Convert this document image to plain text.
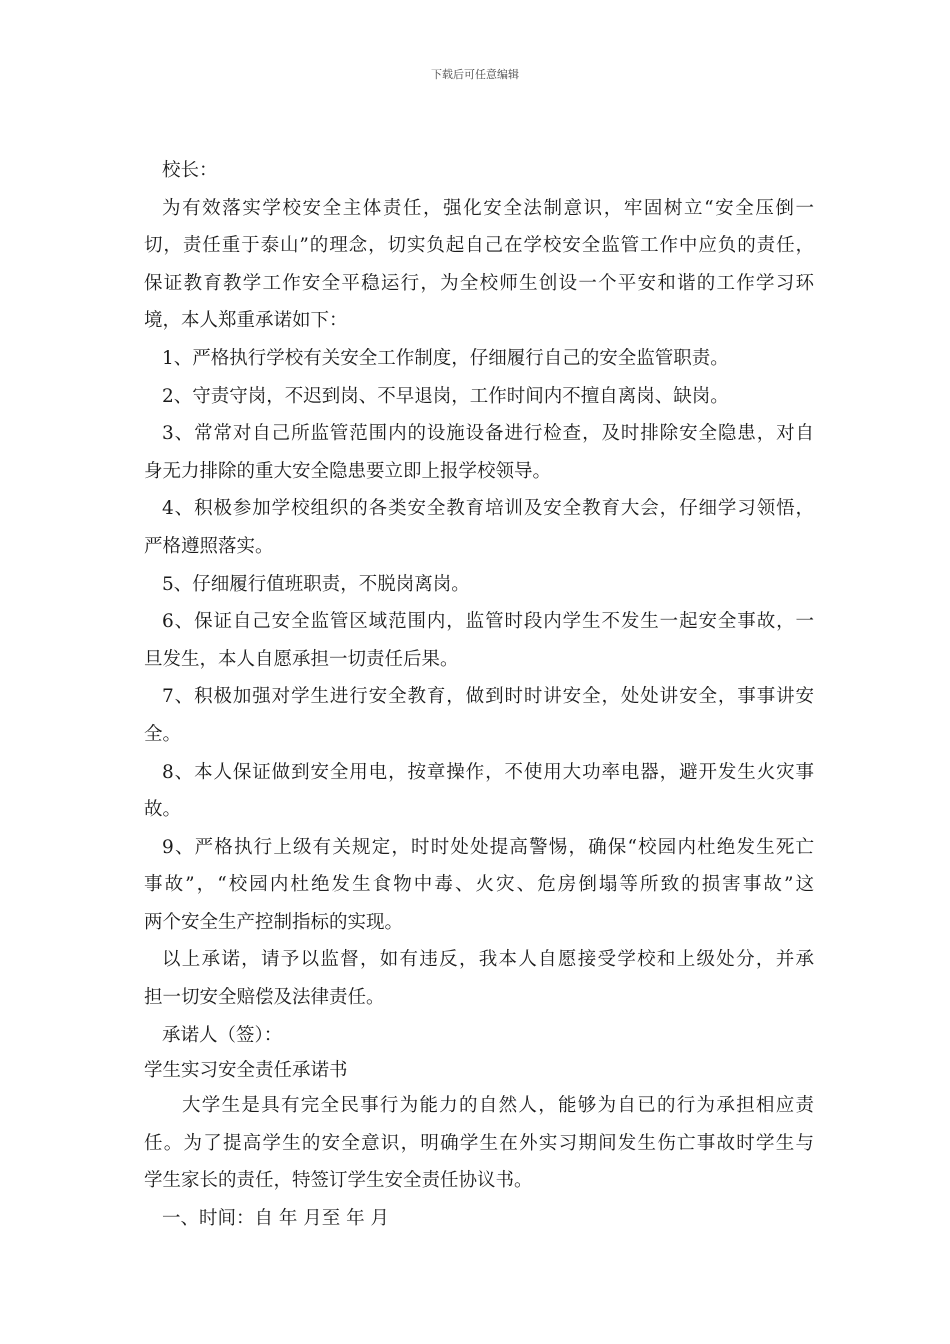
下载后可任意编辑
校长：
为有效落实学校安全主体责任，强化安全法制意识，牢固树立“安全压倒一
切，责任重于泰山”的理念，切实负起自己在学校安全监管工作中应负的责任，
保证教育教学工作安全平稳运行，为全校师生创设一个平安和谐的工作学习环
境，本人郑重承诺如下：
1、严格执行学校有关安全工作制度，仔细履行自己的安全监管职责。
2、守责守岗，不迟到岗、不早退岗，工作时间内不擅自离岗、缺岗。
3、常常对自己所监管范围内的设施设备进行检查，及时排除安全隐患，对自
身无力排除的重大安全隐患要立即上报学校领导。
4、积极参加学校组织的各类安全教育培训及安全教育大会，仔细学习领悟，
严格遵照落实。
5、仔细履行值班职责，不脱岗离岗。
6、保证自己安全监管区域范围内，监管时段内学生不发生一起安全事故，一
旦发生，本人自愿承担一切责任后果。
7、积极加强对学生进行安全教育，做到时时讲安全，处处讲安全，事事讲安
全。
8、本人保证做到安全用电，按章操作，不使用大功率电器，避开发生火灾事
故。
9、严格执行上级有关规定，时时处处提高警惕，确保“校园内杜绝发生死亡
事故”，“校园内杜绝发生食物中毒、火灾、危房倒塌等所致的损害事故”这
两个安全生产控制指标的实现。
以上承诺，请予以监督，如有违反，我本人自愿接受学校和上级处分，并承
担一切安全赔偿及法律责任。
承诺人（签）：
学生实习安全责任承诺书
大学生是具有完全民事行为能力的自然人，能够为自已的行为承担相应责
任。为了提高学生的安全意识，明确学生在外实习期间发生伤亡事故时学生与
学生家长的责任，特签订学生安全责任协议书。
一、时间：自 年 月至 年 月
